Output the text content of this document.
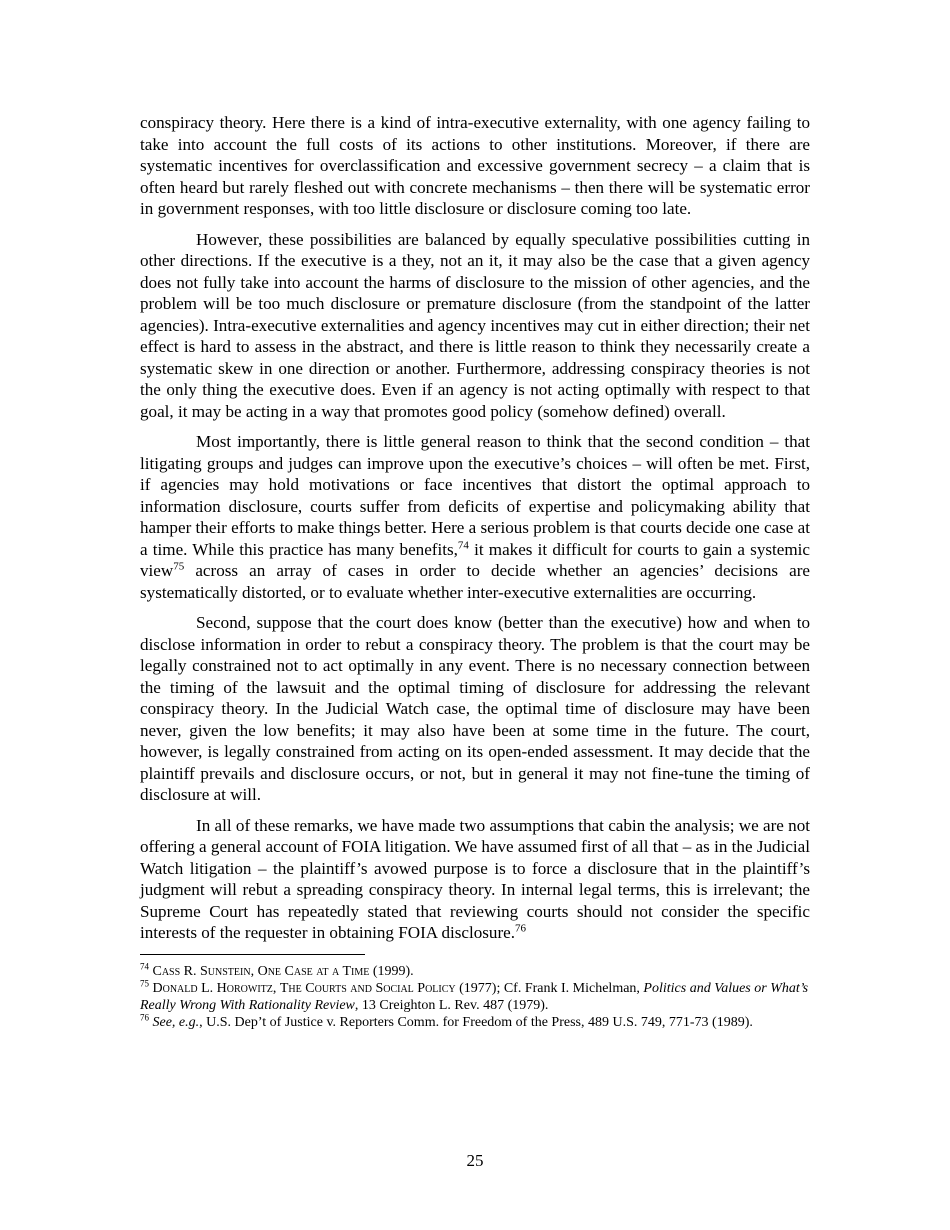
conspiracy theory. Here there is a kind of intra-executive externality, with one agency failing to take into account the full costs of its actions to other institutions. Moreover, if there are systematic incentives for overclassification and excessive government secrecy – a claim that is often heard but rarely fleshed out with concrete mechanisms – then there will be systematic error in government responses, with too little disclosure or disclosure coming too late.

However, these possibilities are balanced by equally speculative possibilities cutting in other directions. If the executive is a they, not an it, it may also be the case that a given agency does not fully take into account the harms of disclosure to the mission of other agencies, and the problem will be too much disclosure or premature disclosure (from the standpoint of the latter agencies). Intra-executive externalities and agency incentives may cut in either direction; their net effect is hard to assess in the abstract, and there is little reason to think they necessarily create a systematic skew in one direction or another. Furthermore, addressing conspiracy theories is not the only thing the executive does. Even if an agency is not acting optimally with respect to that goal, it may be acting in a way that promotes good policy (somehow defined) overall.

Most importantly, there is little general reason to think that the second condition – that litigating groups and judges can improve upon the executive’s choices – will often be met. First, if agencies may hold motivations or face incentives that distort the optimal approach to information disclosure, courts suffer from deficits of expertise and policymaking ability that hamper their efforts to make things better. Here a serious problem is that courts decide one case at a time. While this practice has many benefits,$^{74}$ it makes it difficult for courts to gain a systemic view$^{75}$ across an array of cases in order to decide whether an agencies’ decisions are systematically distorted, or to evaluate whether inter-executive externalities are occurring.

Second, suppose that the court does know (better than the executive) how and when to disclose information in order to rebut a conspiracy theory. The problem is that the court may be legally constrained not to act optimally in any event. There is no necessary connection between the timing of the lawsuit and the optimal timing of disclosure for addressing the relevant conspiracy theory. In the Judicial Watch case, the optimal time of disclosure may have been never, given the low benefits; it may also have been at some time in the future. The court, however, is legally constrained from acting on its open-ended assessment. It may decide that the plaintiff prevails and disclosure occurs, or not, but in general it may not fine-tune the timing of disclosure at will.

In all of these remarks, we have made two assumptions that cabin the analysis; we are not offering a general account of FOIA litigation. We have assumed first of all that – as in the Judicial Watch litigation – the plaintiff’s avowed purpose is to force a disclosure that in the plaintiff’s judgment will rebut a spreading conspiracy theory. In internal legal terms, this is irrelevant; the Supreme Court has repeatedly stated that reviewing courts should not consider the specific interests of the requester in obtaining FOIA disclosure.$^{76}$

$^{74}$ Cass R. Sunstein, One Case at a Time (1999).

$^{75}$ Donald L. Horowitz, The Courts and Social Policy (1977); Cf. Frank I. Michelman, Politics and Values or What’s Really Wrong With Rationality Review, 13 Creighton L. Rev. 487 (1979).

$^{76}$ See, e.g., U.S. Dep’t of Justice v. Reporters Comm. for Freedom of the Press, 489 U.S. 749, 771-73 (1989).

25
